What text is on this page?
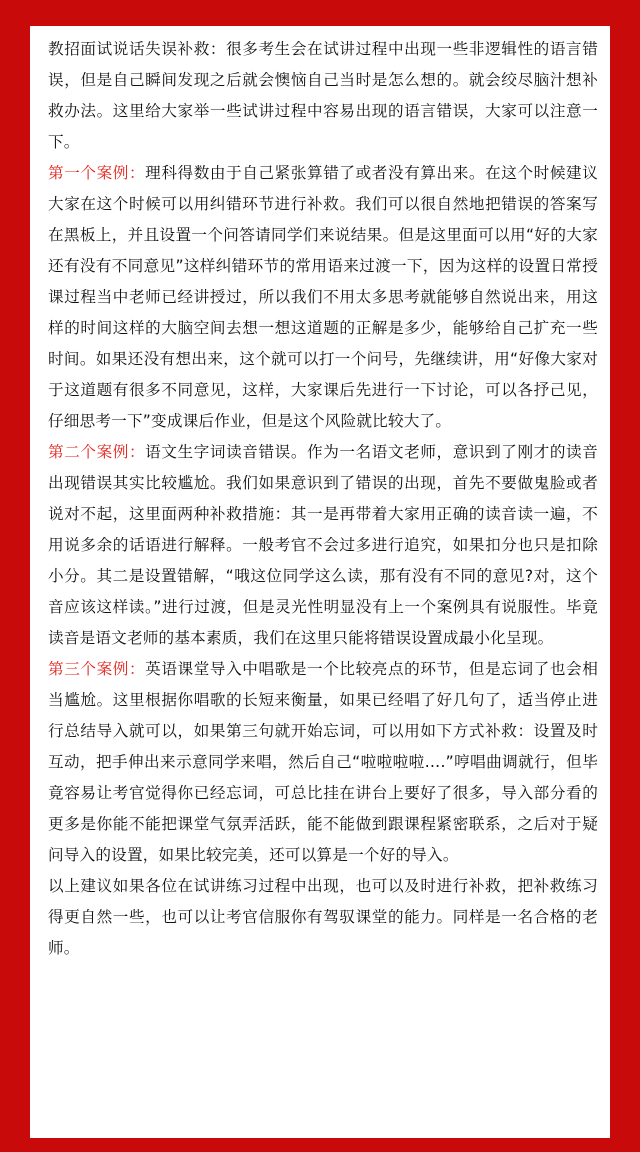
教招面试说话失误补救：很多考生会在试讲过程中出现一些非逻辑性的语言错误，但是自己瞬间发现之后就会懊恼自己当时是怎么想的。就会绞尽脑汁想补救办法。这里给大家举一些试讲过程中容易出现的语言错误，大家可以注意一下。

第一个案例：理科得数由于自己紧张算错了或者没有算出来。在这个时候建议大家在这个时候可以用纠错环节进行补救。我们可以很自然地把错误的答案写在黑板上，并且设置一个问答请同学们来说结果。但是这里面可以用“好的大家还有没有不同意见”这样纠错环节的常用语来过渡一下，因为这样的设置日常授课过程当中老师已经讲授过，所以我们不用太多思考就能够自然说出来，用这样的时间这样的大脑空间去想一想这道题的正解是多少，能够给自己扩充一些时间。如果还没有想出来，这个就可以打一个问号，先继续讲，用“好像大家对于这道题有很多不同意见，这样，大家课后先进行一下讨论，可以各抒己见，仔细思考一下”变成课后作业，但是这个风险就比较大了。

第二个案例：语文生字词读音错误。作为一名语文老师，意识到了刚才的读音出现错误其实比较尴尬。我们如果意识到了错误的出现，首先不要做鬼脸或者说对不起，这里面两种补救措施：其一是再带着大家用正确的读音读一遍，不用说多余的话语进行解释。一般考官不会过多进行追究，如果扣分也只是扣除小分。其二是设置错解，“哦这位同学这么读，那有没有不同的意见?对，这个音应该这样读。”进行过渡，但是灵光性明显没有上一个案例具有说服性。毕竟读音是语文老师的基本素质，我们在这里只能将错误设置成最小化呈现。

第三个案例：英语课堂导入中唱歌是一个比较亮点的环节，但是忘词了也会相当尴尬。这里根据你唱歌的长短来衡量，如果已经唱了好几句了，适当停止进行总结导入就可以，如果第三句就开始忘词，可以用如下方式补救：设置及时互动，把手伸出来示意同学来唱，然后自己“啦啦啦啦….”哼唱曲调就行，但毕竟容易让考官觉得你已经忘词，可总比挂在讲台上要好了很多，导入部分看的更多是你能不能把课堂气氛弄活跃，能不能做到跟课程紧密联系，之后对于疑问导入的设置，如果比较完美，还可以算是一个好的导入。

以上建议如果各位在试讲练习过程中出现，也可以及时进行补救，把补救练习得更自然一些，也可以让考官信服你有驾驭课堂的能力。同样是一名合格的老师。
